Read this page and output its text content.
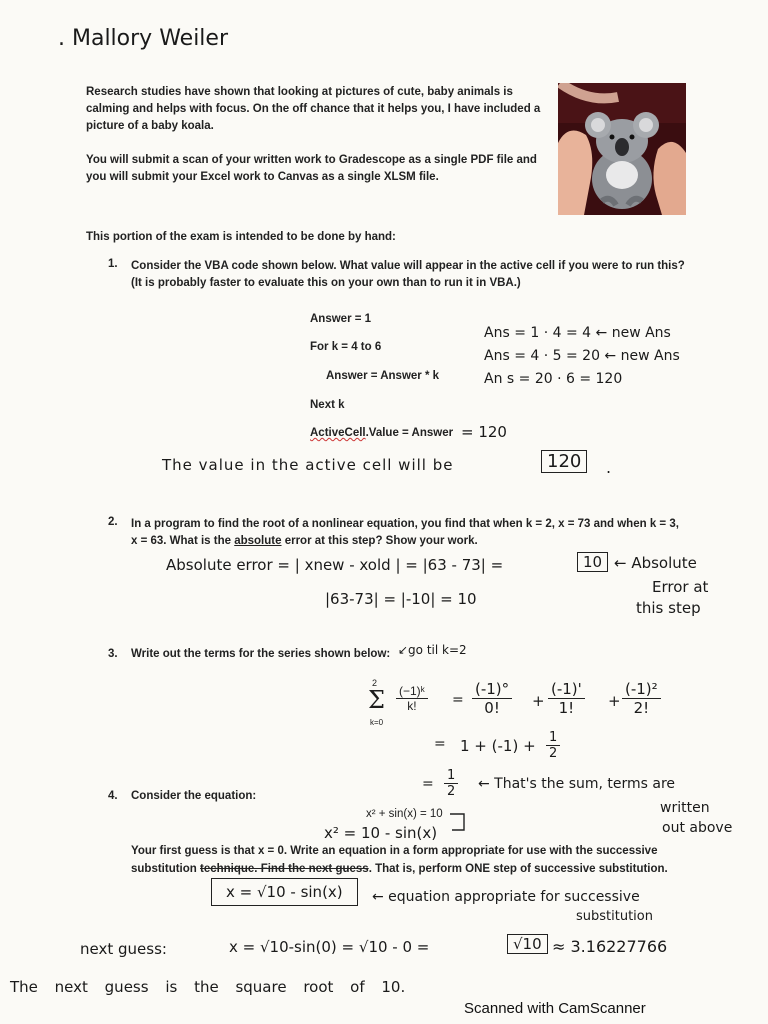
. Mallory Weiler
Research studies have shown that looking at pictures of cute, baby animals is calming and helps with focus. On the off chance that it helps you, I have included a picture of a baby koala.
You will submit a scan of your written work to Gradescope as a single PDF file and you will submit your Excel work to Canvas as a single XLSM file.
This portion of the exam is intended to be done by hand:
1. Consider the VBA code shown below. What value will appear in the active cell if you were to run this? (It is probably faster to evaluate this on your own than to run it in VBA.)
Answer = 1
For k = 4 to 6
Answer = Answer * k
Next k
ActiveCell.Value = Answer = 120
Ans = 1 · 4 = 4 ← new Ans
Ans = 4 · 5 = 20 ← new Ans
An s = 20 · 6 = 120
The value in the active cell will be	120	.
2. In a program to find the root of a nonlinear equation, you find that when k = 2, x = 73 and when k = 3, x = 63. What is the absolute error at this step? Show your work.
Absolute error = | xnew - xold | = |63 - 73| =	10 ← Absolute
Error at
this step
|63-73| = |-10| = 10
3. Write out the terms for the series shown below: ↙go til k=2
2
Σ
k=0
$\frac{\text{(−1)ᵏ}}{k!} = \frac{(-1)^\circ}{0!} + \frac{(-1)'}{1!} + \frac{\text{(-1)²}}{2!}$
= $1 + (-1) + \frac{1}{2}$
= $\frac{1}{2}$ ← That's the sum, terms are
written
out above
4. Consider the equation:
x² + sin(x) = 10
x² = 10 - sin(x)
Your first guess is that x = 0. Write an equation in a form appropriate for use with the successive substitution technique. Find the next guess. That is, perform ONE step of successive substitution.
x = √10 - sin(x)	← equation appropriate for successive
substitution
next guess:	x = √10-sin(0) = √10 - 0 =	√10 ≈ 3.16227766
The next guess is the square root of 10.
Scanned with CamScanner
